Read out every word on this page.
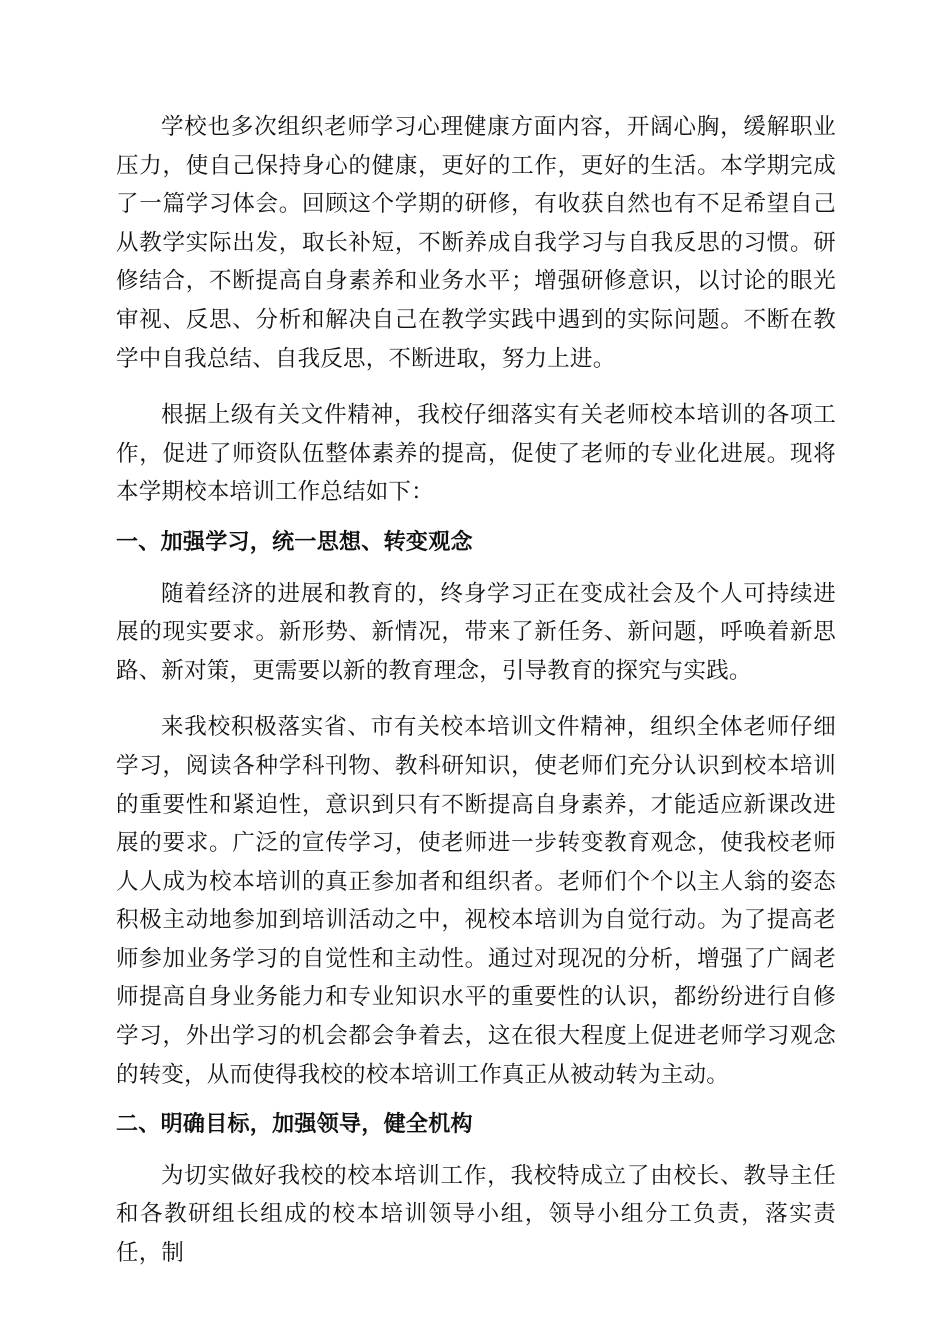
学校也多次组织老师学习心理健康方面内容，开阔心胸，缓解职业压力，使自己保持身心的健康，更好的工作，更好的生活。本学期完成了一篇学习体会。回顾这个学期的研修，有收获自然也有不足希望自己从教学实际出发，取长补短，不断养成自我学习与自我反思的习惯。研修结合，不断提高自身素养和业务水平；增强研修意识，以讨论的眼光审视、反思、分析和解决自己在教学实践中遇到的实际问题。不断在教学中自我总结、自我反思，不断进取，努力上进。

根据上级有关文件精神，我校仔细落实有关老师校本培训的各项工作，促进了师资队伍整体素养的提高，促使了老师的专业化进展。现将本学期校本培训工作总结如下：

一、加强学习，统一思想、转变观念

随着经济的进展和教育的，终身学习正在变成社会及个人可持续进展的现实要求。新形势、新情况，带来了新任务、新问题，呼唤着新思路、新对策，更需要以新的教育理念，引导教育的探究与实践。

来我校积极落实省、市有关校本培训文件精神，组织全体老师仔细学习，阅读各种学科刊物、教科研知识，使老师们充分认识到校本培训的重要性和紧迫性，意识到只有不断提高自身素养，才能适应新课改进展的要求。广泛的宣传学习，使老师进一步转变教育观念，使我校老师人人成为校本培训的真正参加者和组织者。老师们个个以主人翁的姿态积极主动地参加到培训活动之中，视校本培训为自觉行动。为了提高老师参加业务学习的自觉性和主动性。通过对现况的分析，增强了广阔老师提高自身业务能力和专业知识水平的重要性的认识，都纷纷进行自修学习，外出学习的机会都会争着去，这在很大程度上促进老师学习观念的转变，从而使得我校的校本培训工作真正从被动转为主动。

二、明确目标，加强领导，健全机构

为切实做好我校的校本培训工作，我校特成立了由校长、教导主任和各教研组长组成的校本培训领导小组，领导小组分工负责，落实责任，制
